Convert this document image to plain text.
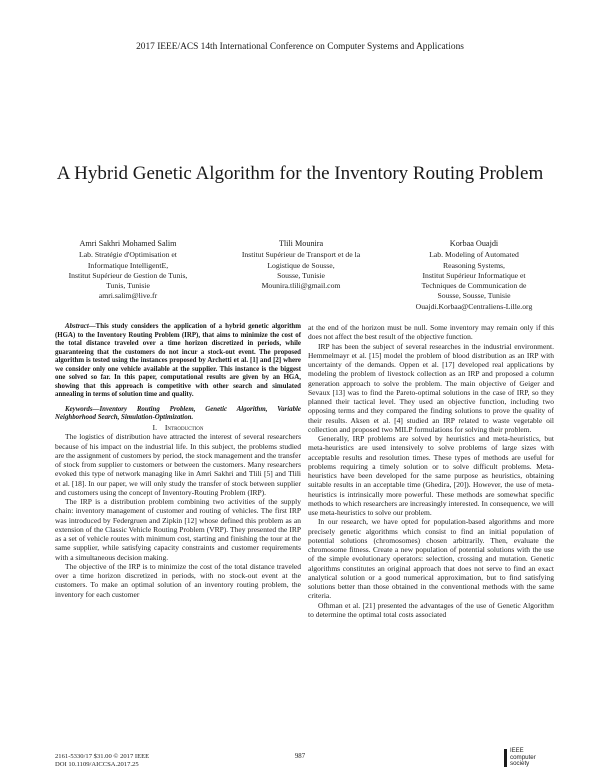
2017 IEEE/ACS 14th International Conference on Computer Systems and Applications
A Hybrid Genetic Algorithm for the Inventory Routing Problem
Amri Sakhri Mohamed Salim
Lab. Stratégie d'Optimisation et
Informatique IntelligentE,
Institut Supérieur de Gestion de Tunis,
Tunis, Tunisie
amri.salim@live.fr
Tlili Mounira
Institut Supérieur de Transport et de la
Logistique de Sousse,
Sousse, Tunisie
Mounira.tlili@gmail.com
Korbaa Ouajdi
Lab. Modeling of Automated
Reasoning Systems,
Institut Supérieur Informatique et
Techniques de Communication de
Sousse, Sousse, Tunisie
Ouajdi.Korbaa@Centraliens-Lille.org

Abstract—This study considers the application of a hybrid genetic algorithm (HGA) to the Inventory Routing Problem (IRP), that aims to minimize the cost of the total distance traveled over a time horizon discretized in periods, while guaranteeing that the customers do not incur a stock-out event. The proposed algorithm is tested using the instances proposed by Archetti et al. [1] and [2] where we consider only one vehicle available at the supplier. This instance is the biggest one solved so far. In this paper, computational results are given by an HGA, showing that this approach is competitive with other search and simulated annealing in terms of solution time and quality.

Keywords—Inventory Routing Problem, Genetic Algorithm, Variable Neighborhood Search, Simulation-Optimization.

I. Introduction

The logistics of distribution have attracted the interest of several researchers because of his impact on the industrial life. In this subject, the problems studied are the assignment of customers by period, the stock management and the transfer of stock from supplier to customers or between the customers. Many researchers evoked this type of network managing like in Amri Sakhri and Tlili [5] and Tlili et al. [18]. In our paper, we will only study the transfer of stock between supplier and customers using the concept of Inventory-Routing Problem (IRP).

The IRP is a distribution problem combining two activities of the supply chain: inventory management of customer and routing of vehicles. The first IRP was introduced by Federgruen and Zipkin [12] whose defined this problem as an extension of the Classic Vehicle Routing Problem (VRP). They presented the IRP as a set of vehicle routes with minimum cost, starting and finishing the tour at the same supplier, while satisfying capacity constraints and customer requirements with a simultaneous decision making.

The objective of the IRP is to minimize the cost of the total distance traveled over a time horizon discretized in periods, with no stock-out event at the customers. To make an optimal solution of an inventory routing problem, the inventory for each customer

at the end of the horizon must be null. Some inventory may remain only if this does not affect the best result of the objective function.

IRP has been the subject of several researches in the industrial environment. Hemmelmayr et al. [15] model the problem of blood distribution as an IRP with uncertainty of the demands. Oppen et al. [17] developed real applications by modeling the problem of livestock collection as an IRP and proposed a column generation approach to solve the problem. The main objective of Geiger and Sevaux [13] was to find the Pareto-optimal solutions in the case of IRP, so they planned their tactical level. They used an objective function, including two opposing terms and they compared the finding solutions to prove the quality of their results. Aksen et al. [4] studied an IRP related to waste vegetable oil collection and proposed two MILP formulations for solving their problem.

Generally, IRP problems are solved by heuristics and meta-heuristics, but meta-heuristics are used intensively to solve problems of large sizes with acceptable results and resolution times. These types of methods are useful for problems requiring a timely solution or to solve difficult problems. Meta-heuristics have been developed for the same purpose as heuristics, obtaining suitable results in an acceptable time (Ghedira, [20]). However, the use of meta-heuristics is intrinsically more powerful. These methods are somewhat specific methods to which researchers are increasingly interested. In consequence, we will use meta-heuristics to solve our problem.

In our research, we have opted for population-based algorithms and more precisely genetic algorithms which consist to find an initial population of potential solutions (chromosomes) chosen arbitrarily. Then, evaluate the chromosome fitness. Create a new population of potential solutions with the use of the simple evolutionary operators: selection, crossing and mutation. Genetic algorithms constitutes an original approach that does not serve to find an exact analytical solution or a good numerical approximation, but to find satisfying solutions better than those obtained in the conventional methods with the same criteria.

Ofhman et al. [21] presented the advantages of the use of Genetic Algorithm to determine the optimal total costs associated

2161-5330/17 $31.00 © 2017 IEEE
DOI 10.1109/AICCSA.2017.25
987
IEEE
computer
society
